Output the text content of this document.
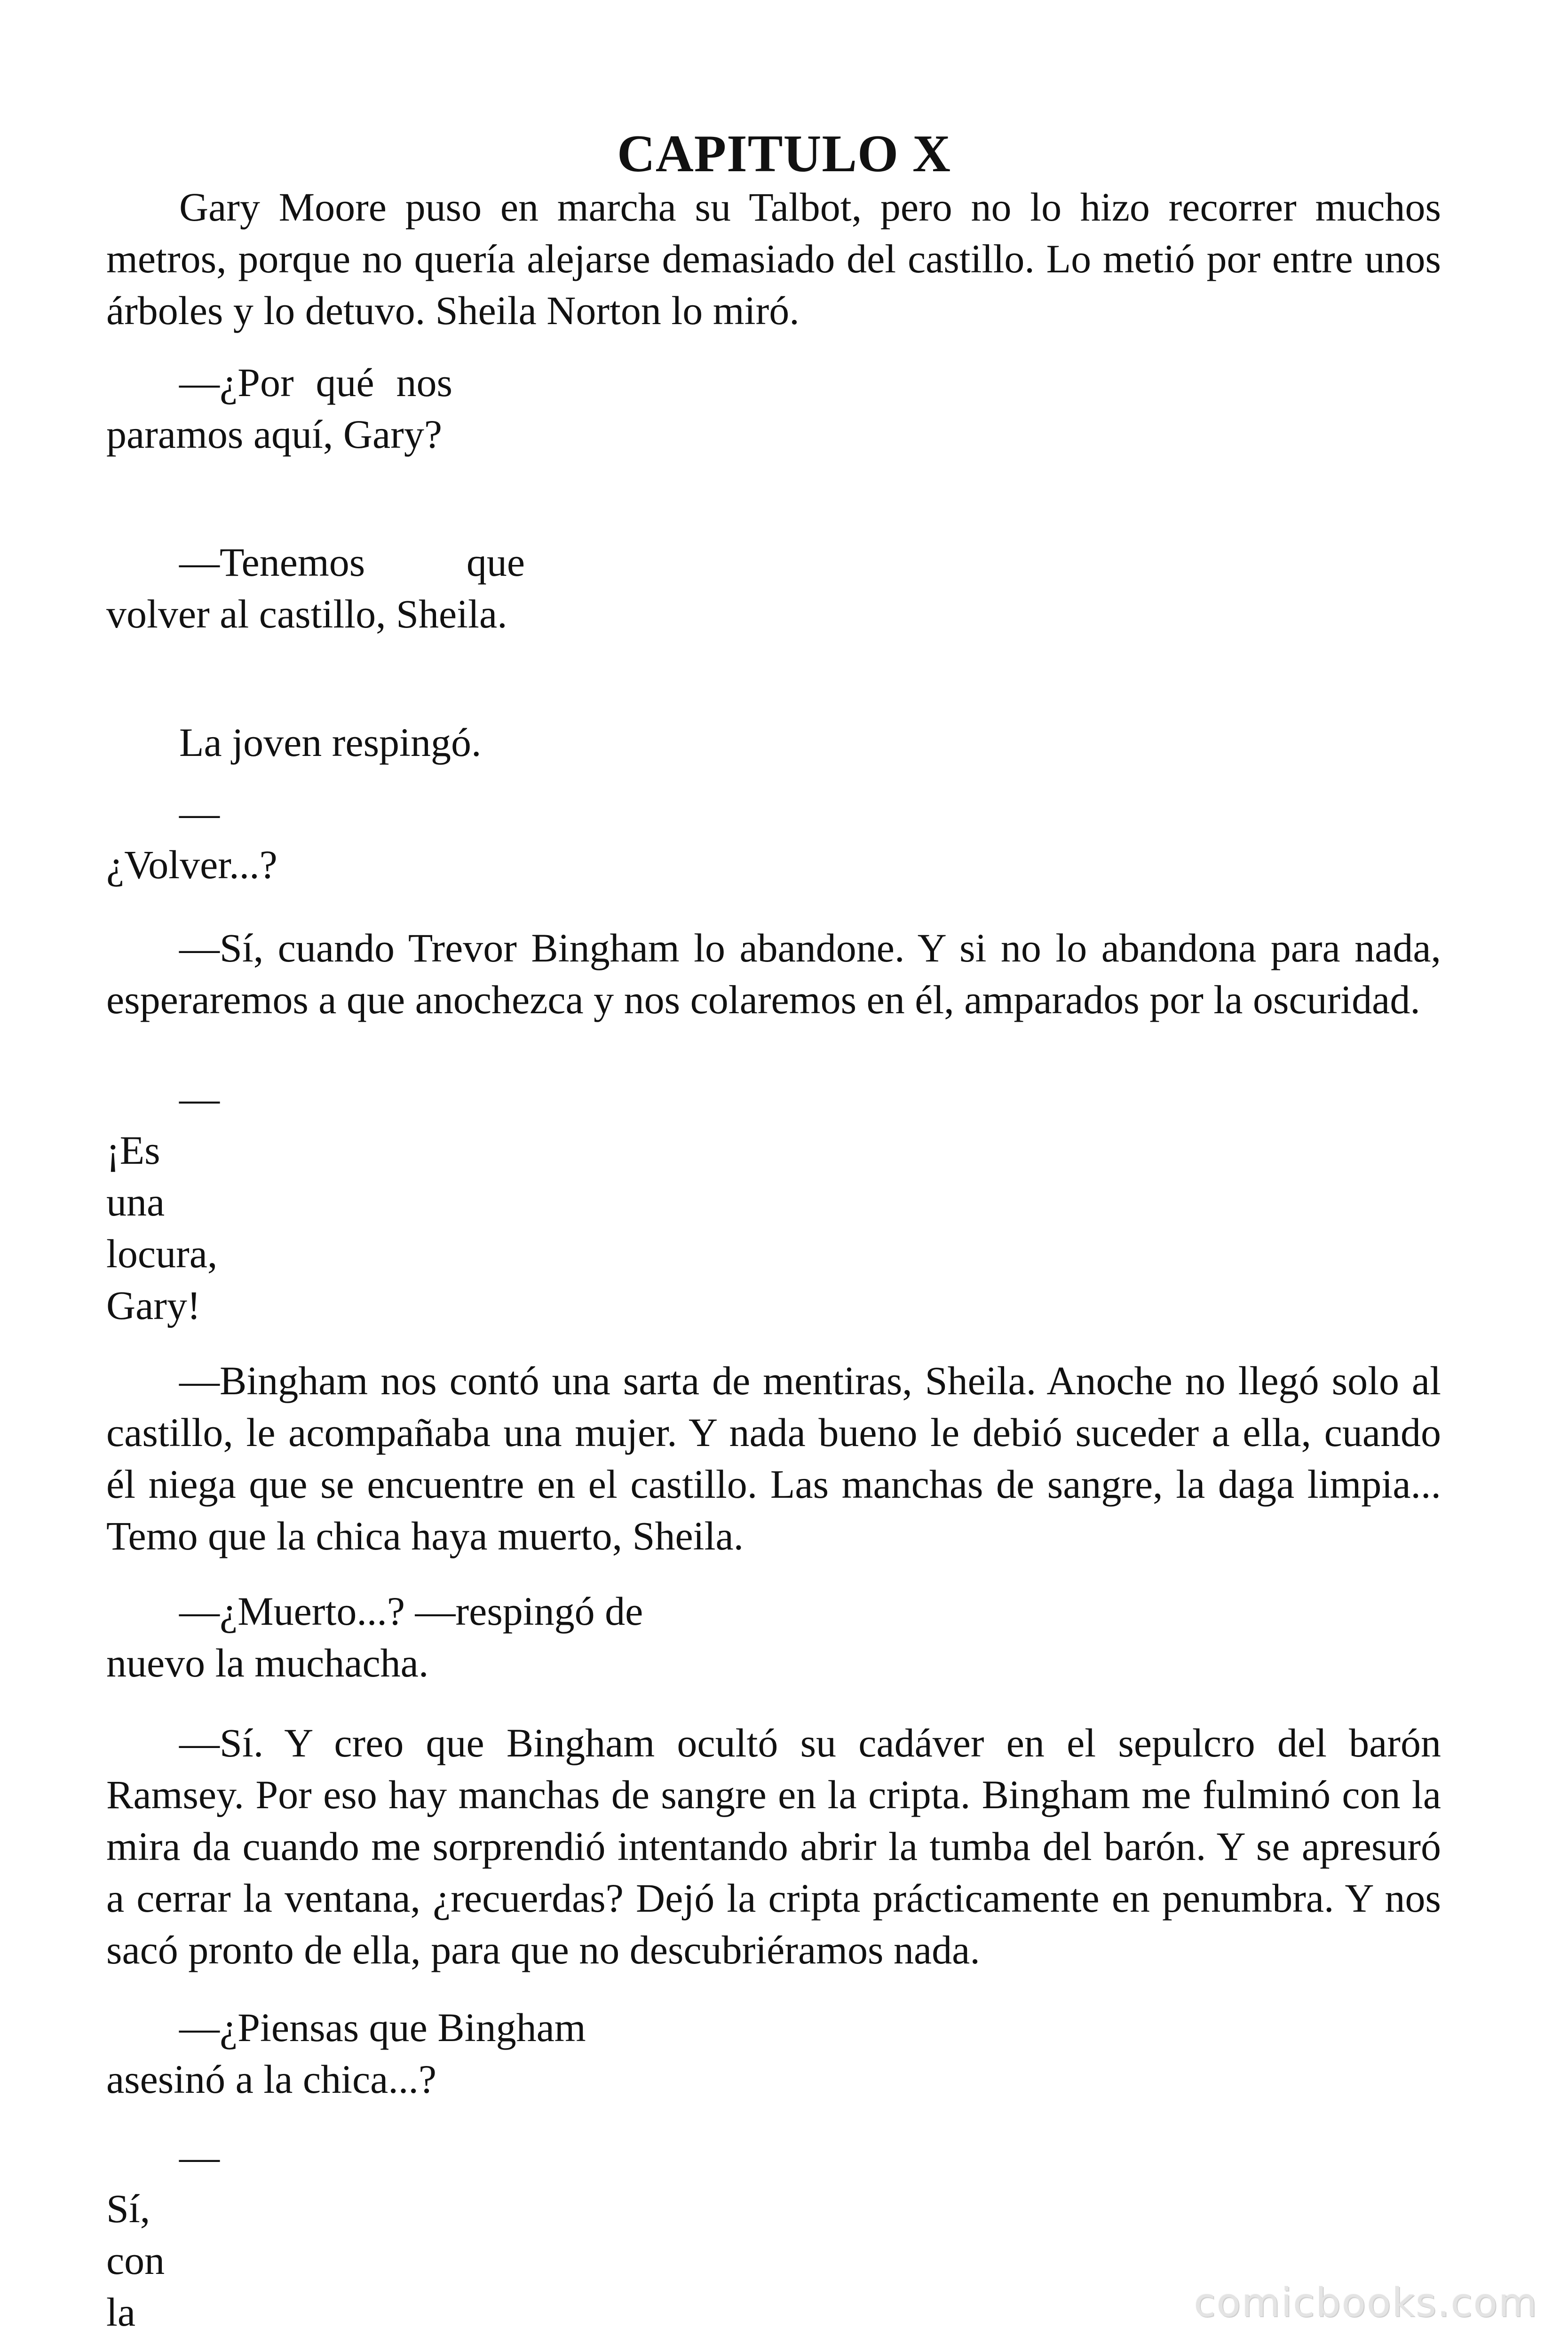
CAPITULO X

Gary Moore puso en marcha su Talbot, pero no lo hizo recorrer muchos metros, porque no quería alejarse demasiado del castillo. Lo metió por entre unos árboles y lo detuvo. Sheila Norton lo miró.

—¿Por qué nos paramos aquí, Gary?

—Tenemos que volver al castillo, Sheila.

La joven respingó.

—
¿Volver...?

—Sí, cuando Trevor Bingham lo abandone. Y si no lo abandona para nada, esperaremos a que anochezca y nos colaremos en él, amparados por la oscuridad.

—
¡Es
una
locura,
Gary!

—Bingham nos contó una sarta de mentiras, Sheila. Anoche no llegó solo al castillo, le acompañaba una mujer. Y nada bueno le debió suceder a ella, cuando él niega que se encuentre en el castillo. Las manchas de sangre, la daga limpia... Temo que la chica haya muerto, Sheila.

—¿Muerto...? —respingó de
nuevo la muchacha.

—Sí. Y creo que Bingham ocultó su cadáver en el sepulcro del barón Ramsey. Por eso hay manchas de sangre en la cripta. Bingham me fulminó con la mira da cuando me sorprendió intentando abrir la tumba del barón. Y se apresuró a cerrar la ventana, ¿recuerdas? Dejó la cripta prácticamente en penumbra. Y nos sacó pronto de ella, para que no descubriéramos nada.

—¿Piensas que Bingham
asesinó a la chica...?
—
Sí,
con
la	comicbooks.com
